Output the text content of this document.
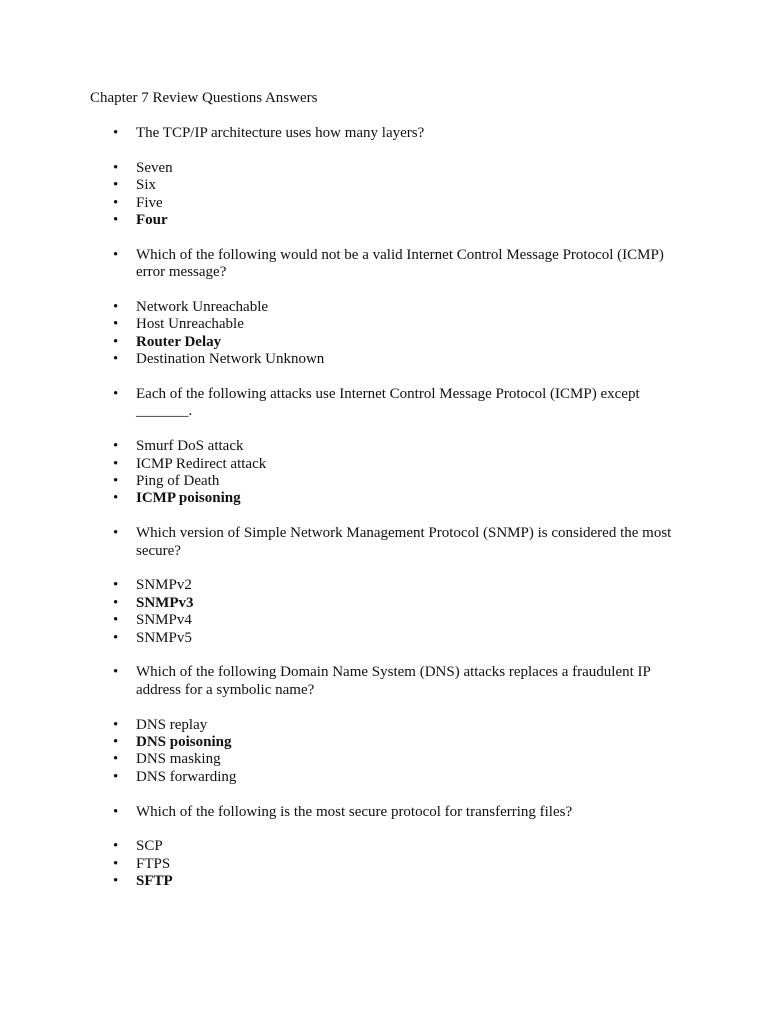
Chapter 7 Review Questions Answers
• The TCP/IP architecture uses how many layers?
• Seven
• Six
• Five
• Four
• Which of the following would not be a valid Internet Control Message Protocol (ICMP) error message?
• Network Unreachable
• Host Unreachable
• Router Delay
• Destination Network Unknown
• Each of the following attacks use Internet Control Message Protocol (ICMP) except _______.
• Smurf DoS attack
• ICMP Redirect attack
• Ping of Death
• ICMP poisoning
• Which version of Simple Network Management Protocol (SNMP) is considered the most secure?
• SNMPv2
• SNMPv3
• SNMPv4
• SNMPv5
• Which of the following Domain Name System (DNS) attacks replaces a fraudulent IP address for a symbolic name?
• DNS replay
• DNS poisoning
• DNS masking
• DNS forwarding
• Which of the following is the most secure protocol for transferring files?
• SCP
• FTPS
• SFTP
